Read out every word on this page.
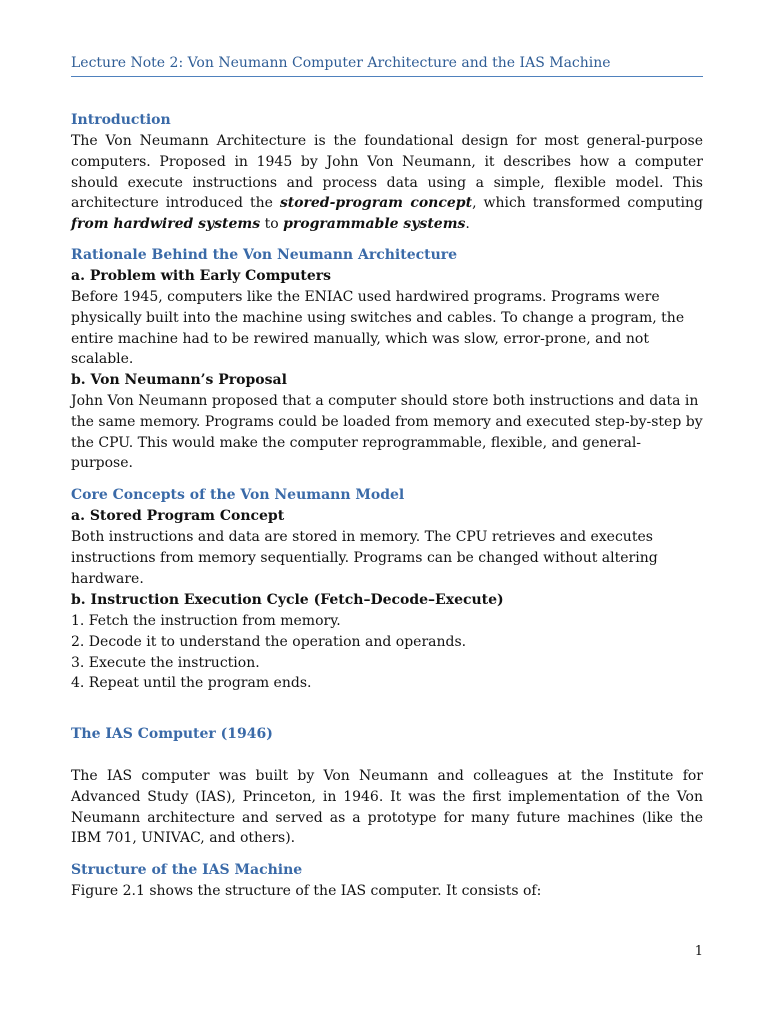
Lecture Note 2: Von Neumann Computer Architecture and the IAS Machine
Introduction
The Von Neumann Architecture is the foundational design for most general-purpose computers. Proposed in 1945 by John Von Neumann, it describes how a computer should execute instructions and process data using a simple, flexible model. This architecture introduced the stored-program concept, which transformed computing from hardwired systems to programmable systems.
Rationale Behind the Von Neumann Architecture
a. Problem with Early Computers
Before 1945, computers like the ENIAC used hardwired programs. Programs were physically built into the machine using switches and cables. To change a program, the entire machine had to be rewired manually, which was slow, error-prone, and not scalable.
b. Von Neumann’s Proposal
John Von Neumann proposed that a computer should store both instructions and data in the same memory. Programs could be loaded from memory and executed step-by-step by the CPU. This would make the computer reprogrammable, flexible, and general-purpose.
Core Concepts of the Von Neumann Model
a. Stored Program Concept
Both instructions and data are stored in memory. The CPU retrieves and executes instructions from memory sequentially. Programs can be changed without altering hardware.
b. Instruction Execution Cycle (Fetch–Decode–Execute)
1. Fetch the instruction from memory.
2. Decode it to understand the operation and operands.
3. Execute the instruction.
4. Repeat until the program ends.
The IAS Computer (1946)
The IAS computer was built by Von Neumann and colleagues at the Institute for Advanced Study (IAS), Princeton, in 1946. It was the first implementation of the Von Neumann architecture and served as a prototype for many future machines (like the IBM 701, UNIVAC, and others).
Structure of the IAS Machine
Figure 2.1 shows the structure of the IAS computer. It consists of:
1
